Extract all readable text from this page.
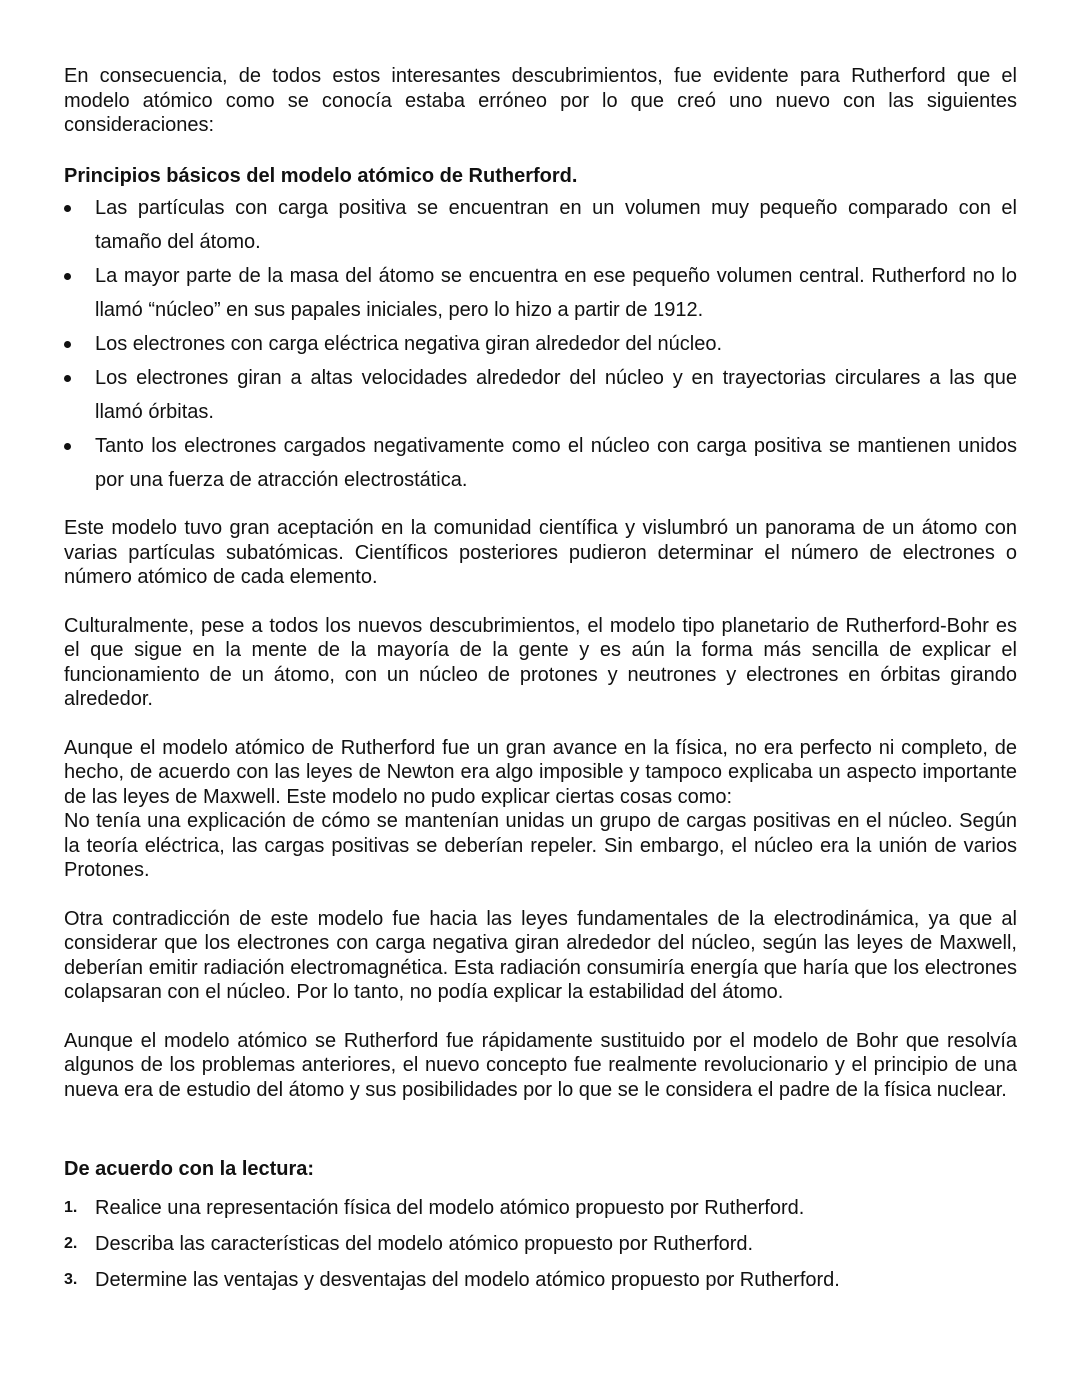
En consecuencia, de todos estos interesantes descubrimientos, fue evidente para Rutherford que el modelo atómico como se conocía estaba erróneo por lo que creó uno nuevo con las siguientes consideraciones:

Principios básicos del modelo atómico de Rutherford.
Las partículas con carga positiva se encuentran en un volumen muy pequeño comparado con el tamaño del átomo.
La mayor parte de la masa del átomo se encuentra en ese pequeño volumen central. Rutherford no lo llamó “núcleo” en sus papales iniciales, pero lo hizo a partir de 1912.
Los electrones con carga eléctrica negativa giran alrededor del núcleo.
Los electrones giran a altas velocidades alrededor del núcleo y en trayectorias circulares a las que llamó órbitas.
Tanto los electrones cargados negativamente como el núcleo con carga positiva se mantienen unidos por una fuerza de atracción electrostática.

Este modelo tuvo gran aceptación en la comunidad científica y vislumbró un panorama de un átomo con varias partículas subatómicas. Científicos posteriores pudieron determinar el número de electrones o número atómico de cada elemento.

Culturalmente, pese a todos los nuevos descubrimientos, el modelo tipo planetario de Rutherford-Bohr es el que sigue en la mente de la mayoría de la gente y es aún la forma más sencilla de explicar el funcionamiento de un átomo, con un núcleo de protones y neutrones y electrones en órbitas girando alrededor.

Aunque el modelo atómico de Rutherford fue un gran avance en la física, no era perfecto ni completo, de hecho, de acuerdo con las leyes de Newton era algo imposible y tampoco explicaba un aspecto importante de las leyes de Maxwell. Este modelo no pudo explicar ciertas cosas como:

No tenía una explicación de cómo se mantenían unidas un grupo de cargas positivas en el núcleo. Según la teoría eléctrica, las cargas positivas se deberían repeler. Sin embargo, el núcleo era la unión de varios Protones.

Otra contradicción de este modelo fue hacia las leyes fundamentales de la electrodinámica, ya que al considerar que los electrones con carga negativa giran alrededor del núcleo, según las leyes de Maxwell, deberían emitir radiación electromagnética. Esta radiación consumiría energía que haría que los electrones colapsaran con el núcleo. Por lo tanto, no podía explicar la estabilidad del átomo.

Aunque el modelo atómico se Rutherford fue rápidamente sustituido por el modelo de Bohr que resolvía algunos de los problemas anteriores, el nuevo concepto fue realmente revolucionario y el principio de una nueva era de estudio del átomo y sus posibilidades por lo que se le considera el padre de la física nuclear.

De acuerdo con la lectura:
1. Realice una representación física del modelo atómico propuesto por Rutherford.
2. Describa las características del modelo atómico propuesto por Rutherford.
3. Determine las ventajas y desventajas del modelo atómico propuesto por Rutherford.
